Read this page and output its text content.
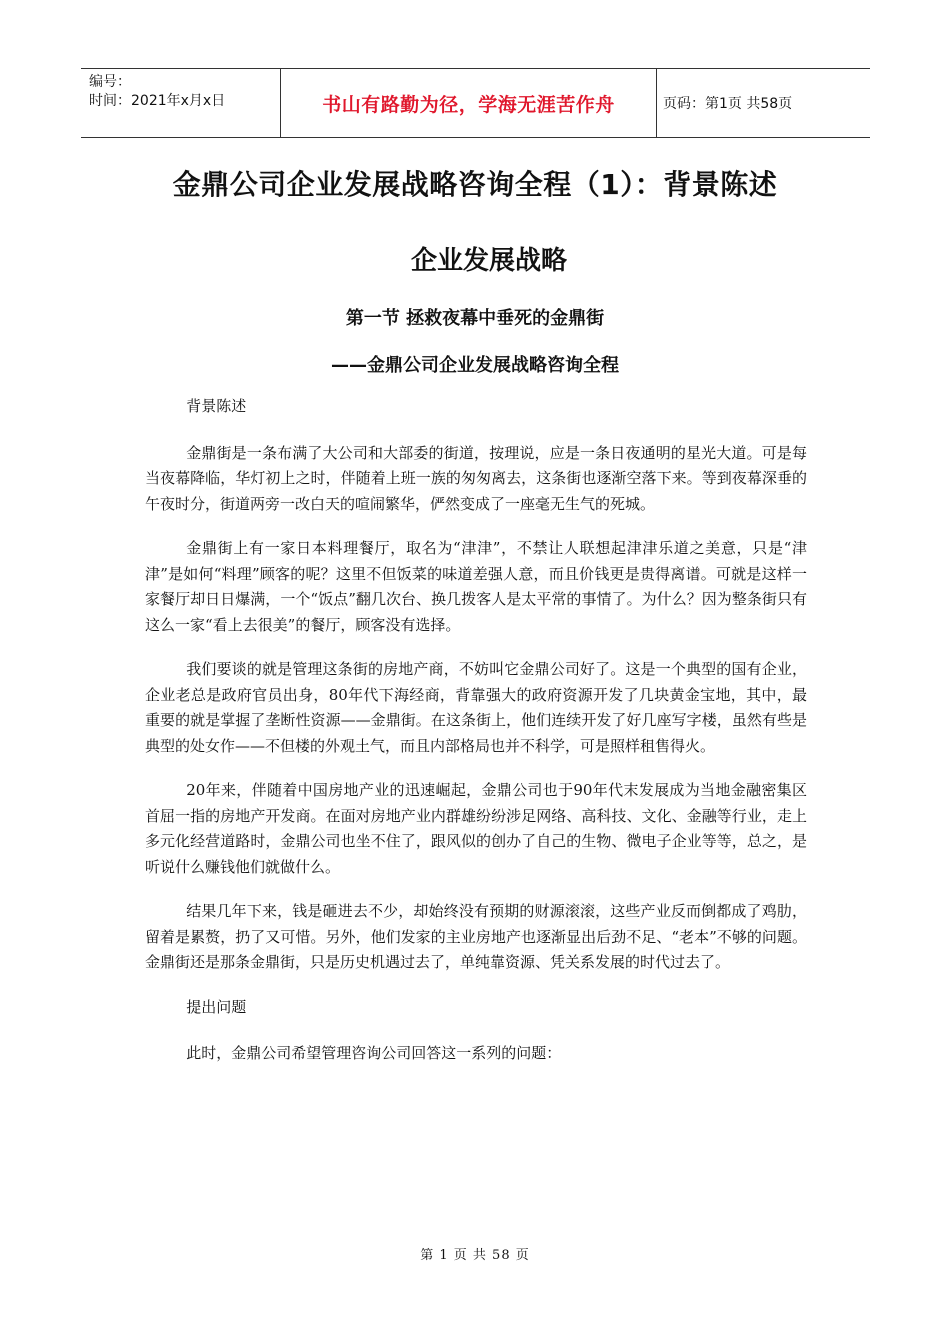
编号：
时间：2021年x月x日	书山有路勤为径，学海无涯苦作舟	页码：第1页 共58页
金鼎公司企业发展战略咨询全程（1）：背景陈述
企业发展战略
第一节 拯救夜幕中垂死的金鼎街
——金鼎公司企业发展战略咨询全程

背景陈述

金鼎街是一条布满了大公司和大部委的街道，按理说，应是一条日夜通明的星光大道。可是每当夜幕降临，华灯初上之时，伴随着上班一族的匆匆离去，这条街也逐渐空落下来。等到夜幕深垂的午夜时分，街道两旁一改白天的喧闹繁华，俨然变成了一座毫无生气的死城。

金鼎街上有一家日本料理餐厅，取名为“津津”，不禁让人联想起津津乐道之美意，只是“津津”是如何“料理”顾客的呢？这里不但饭菜的味道差强人意，而且价钱更是贵得离谱。可就是这样一家餐厅却日日爆满，一个“饭点”翻几次台、换几拨客人是太平常的事情了。为什么？因为整条街只有这么一家“看上去很美”的餐厅，顾客没有选择。

我们要谈的就是管理这条街的房地产商，不妨叫它金鼎公司好了。这是一个典型的国有企业，企业老总是政府官员出身，80年代下海经商，背靠强大的政府资源开发了几块黄金宝地，其中，最重要的就是掌握了垄断性资源——金鼎街。在这条街上，他们连续开发了好几座写字楼，虽然有些是典型的处女作——不但楼的外观土气，而且内部格局也并不科学，可是照样租售得火。

20年来，伴随着中国房地产业的迅速崛起，金鼎公司也于90年代末发展成为当地金融密集区首屈一指的房地产开发商。在面对房地产业内群雄纷纷涉足网络、高科技、文化、金融等行业，走上多元化经营道路时，金鼎公司也坐不住了，跟风似的创办了自己的生物、微电子企业等等，总之，是听说什么赚钱他们就做什么。

结果几年下来，钱是砸进去不少，却始终没有预期的财源滚滚，这些产业反而倒都成了鸡肋，留着是累赘，扔了又可惜。另外，他们发家的主业房地产也逐渐显出后劲不足、“老本”不够的问题。金鼎街还是那条金鼎街，只是历史机遇过去了，单纯靠资源、凭关系发展的时代过去了。

提出问题

此时，金鼎公司希望管理咨询公司回答这一系列的问题：

第 1 页 共 58 页
